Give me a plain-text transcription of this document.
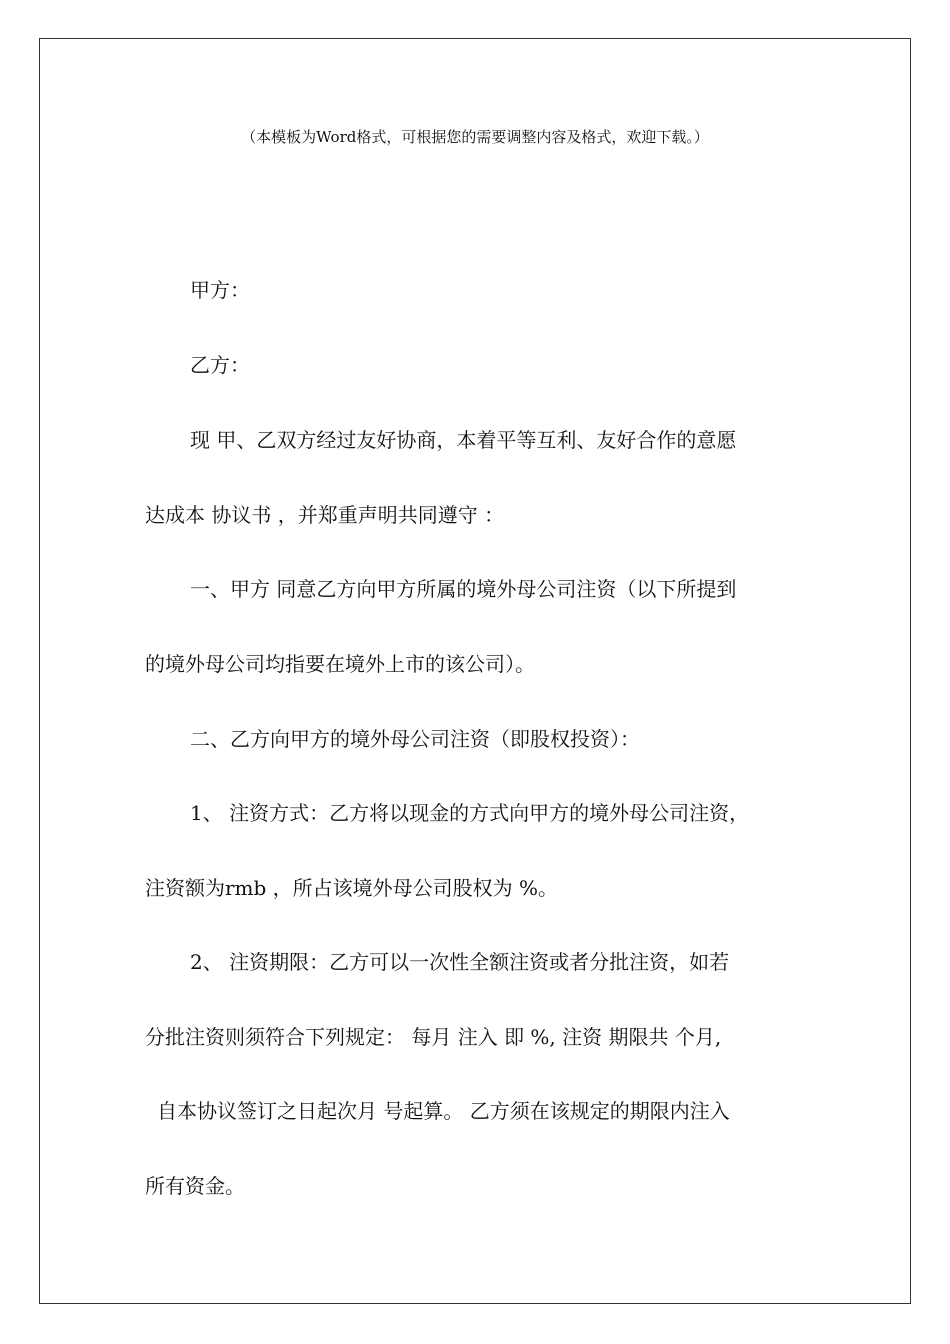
（本模板为Word格式，可根据您的需要调整内容及格式，欢迎下载。）
甲方：
乙方：
现 甲、乙双方经过友好协商，本着平等互利、友好合作的意愿
达成本 协议书 ，并郑重声明共同遵守 ：
一、甲方 同意乙方向甲方所属的境外母公司注资（以下所提到
的境外母公司均指要在境外上市的该公司）。
二、乙方向甲方的境外母公司注资（即股权投资）：
1、 注资方式：乙方将以现金的方式向甲方的境外母公司注资，
注资额为rmb ，所占该境外母公司股权为 %。
2、 注资期限：乙方可以一次性全额注资或者分批注资，如若
分批注资则须符合下列规定： 每月 注入 即 %, 注资 期限共 个月,
自本协议签订之日起次月 号起算。 乙方须在该规定的期限内注入
所有资金。
